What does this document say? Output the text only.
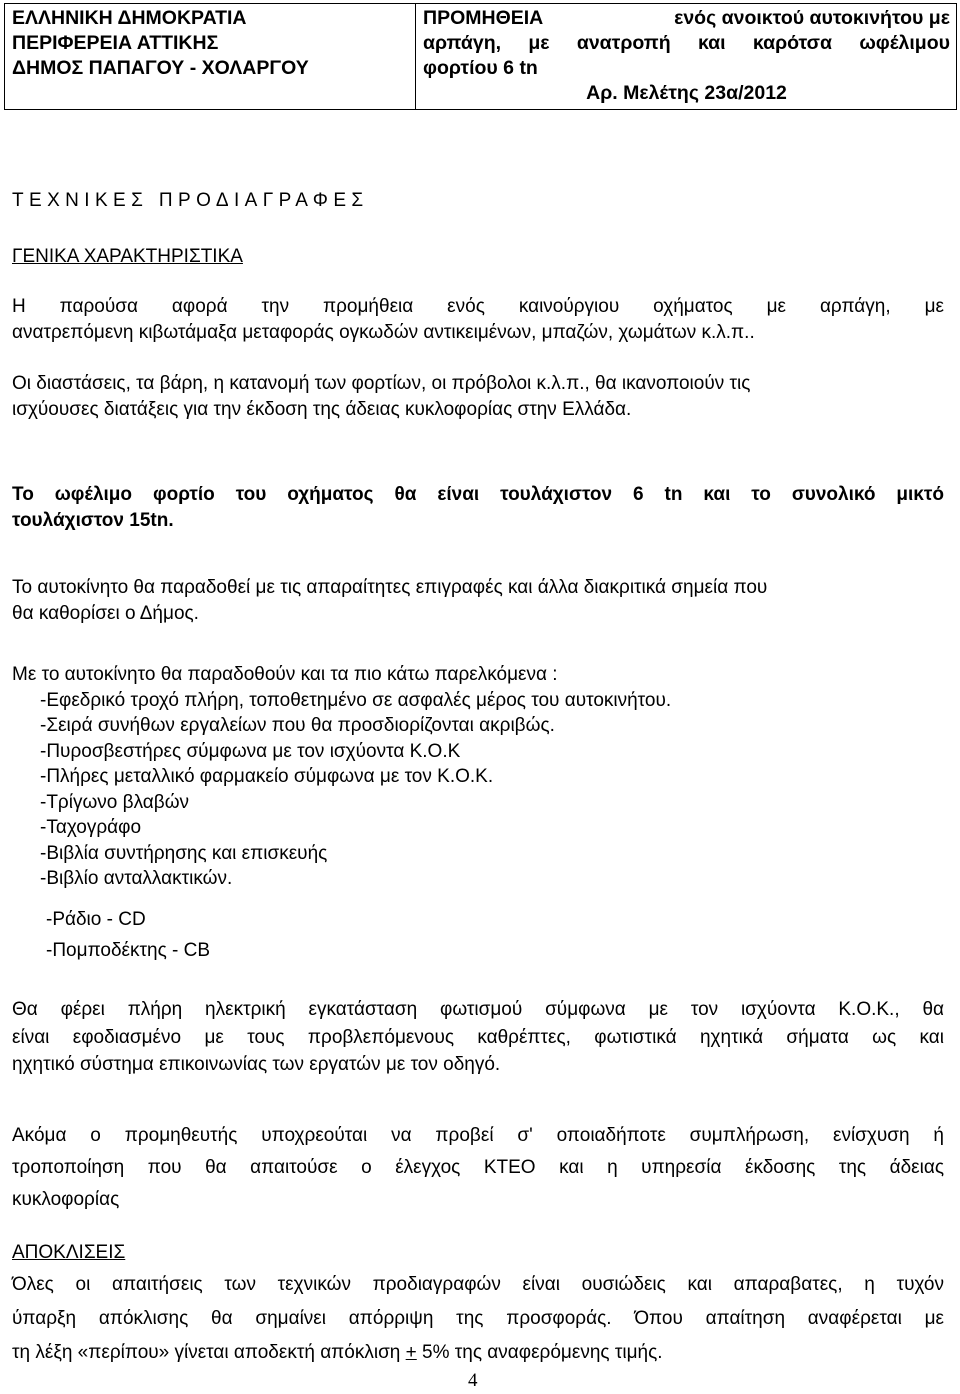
ΕΛΛΗΝΙΚΗ ΔΗΜΟΚΡΑΤΙΑ
ΠΕΡΙΦΕΡΕΙΑ ΑΤΤΙΚΗΣ
ΔΗΜΟΣ ΠΑΠΑΓΟΥ - ΧΟΛΑΡΓΟΥ

ΠΡΟΜΗΘΕΙΑ	ενός ανοικτού αυτοκινήτου με
αρπάγη, με ανατροπή και καρότσα ωφέλιμου
φορτίου 6 tn
Αρ. Μελέτης 23α/2012
ΤΕΧΝΙΚΕΣ ΠΡΟΔΙΑΓΡΑΦΕΣ
ΓΕΝΙΚΑ ΧΑΡΑΚΤΗΡΙΣΤΙΚΑ
Η παρούσα αφορά την προμήθεια ενός καινούργιου οχήματος με αρπάγη, με
ανατρεπόμενη κιβωτάμαξα μεταφοράς ογκωδών αντικειμένων, μπαζών, χωμάτων κ.λ.π..
Οι διαστάσεις, τα βάρη, η κατανομή των φορτίων, οι πρόβολοι κ.λ.π., θα ικανοποιούν τις
ισχύουσες διατάξεις για την έκδοση της άδειας κυκλοφορίας στην Ελλάδα.
Το ωφέλιμο φορτίο του οχήματος θα είναι τουλάχιστον 6 tn και το συνολικό μικτό
τουλάχιστον 15tn.
Το αυτοκίνητο θα παραδοθεί με τις απαραίτητες επιγραφές και άλλα διακριτικά σημεία που
θα καθορίσει ο Δήμος.
Με το αυτοκίνητο θα παραδοθούν και τα πιο κάτω παρελκόμενα :
-Εφεδρικό τροχό πλήρη, τοποθετημένο σε ασφαλές μέρος του αυτοκινήτου.
-Σειρά συνήθων εργαλείων που θα προσδιορίζονται ακριβώς.
-Πυροσβεστήρες σύμφωνα με τον ισχύοντα Κ.Ο.Κ
-Πλήρες μεταλλικό φαρμακείο σύμφωνα με τον Κ.Ο.Κ.
-Τρίγωνο βλαβών
-Ταχογράφο
-Βιβλία συντήρησης και επισκευής
-Βιβλίο ανταλλακτικών.
-Ράδιο - CD
-Πομποδέκτης - CB
Θα φέρει πλήρη ηλεκτρική εγκατάσταση φωτισμού σύμφωνα με τον ισχύοντα Κ.Ο.Κ., θα
είναι εφοδιασμένο με τους προβλεπόμενους καθρέπτες, φωτιστικά ηχητικά σήματα ως και
ηχητικό σύστημα επικοινωνίας των εργατών με τον οδηγό.
Ακόμα ο προμηθευτής υποχρεούται να προβεί σ' οποιαδήποτε συμπλήρωση, ενίσχυση ή
τροποποίηση που θα απαιτούσε ο έλεγχος ΚΤΕΟ και η υπηρεσία έκδοσης της άδειας
κυκλοφορίας
ΑΠΟΚΛΙΣΕΙΣ
Όλες οι απαιτήσεις των τεχνικών προδιαγραφών είναι ουσιώδεις και απαραβατες, η τυχόν
ύπαρξη απόκλισης θα σημαίνει απόρριψη της προσφοράς. Όπου απαίτηση αναφέρεται με
τη λέξη «περίπου» γίνεται αποδεκτή απόκλιση + 5% της αναφερόμενης τιμής.
4
